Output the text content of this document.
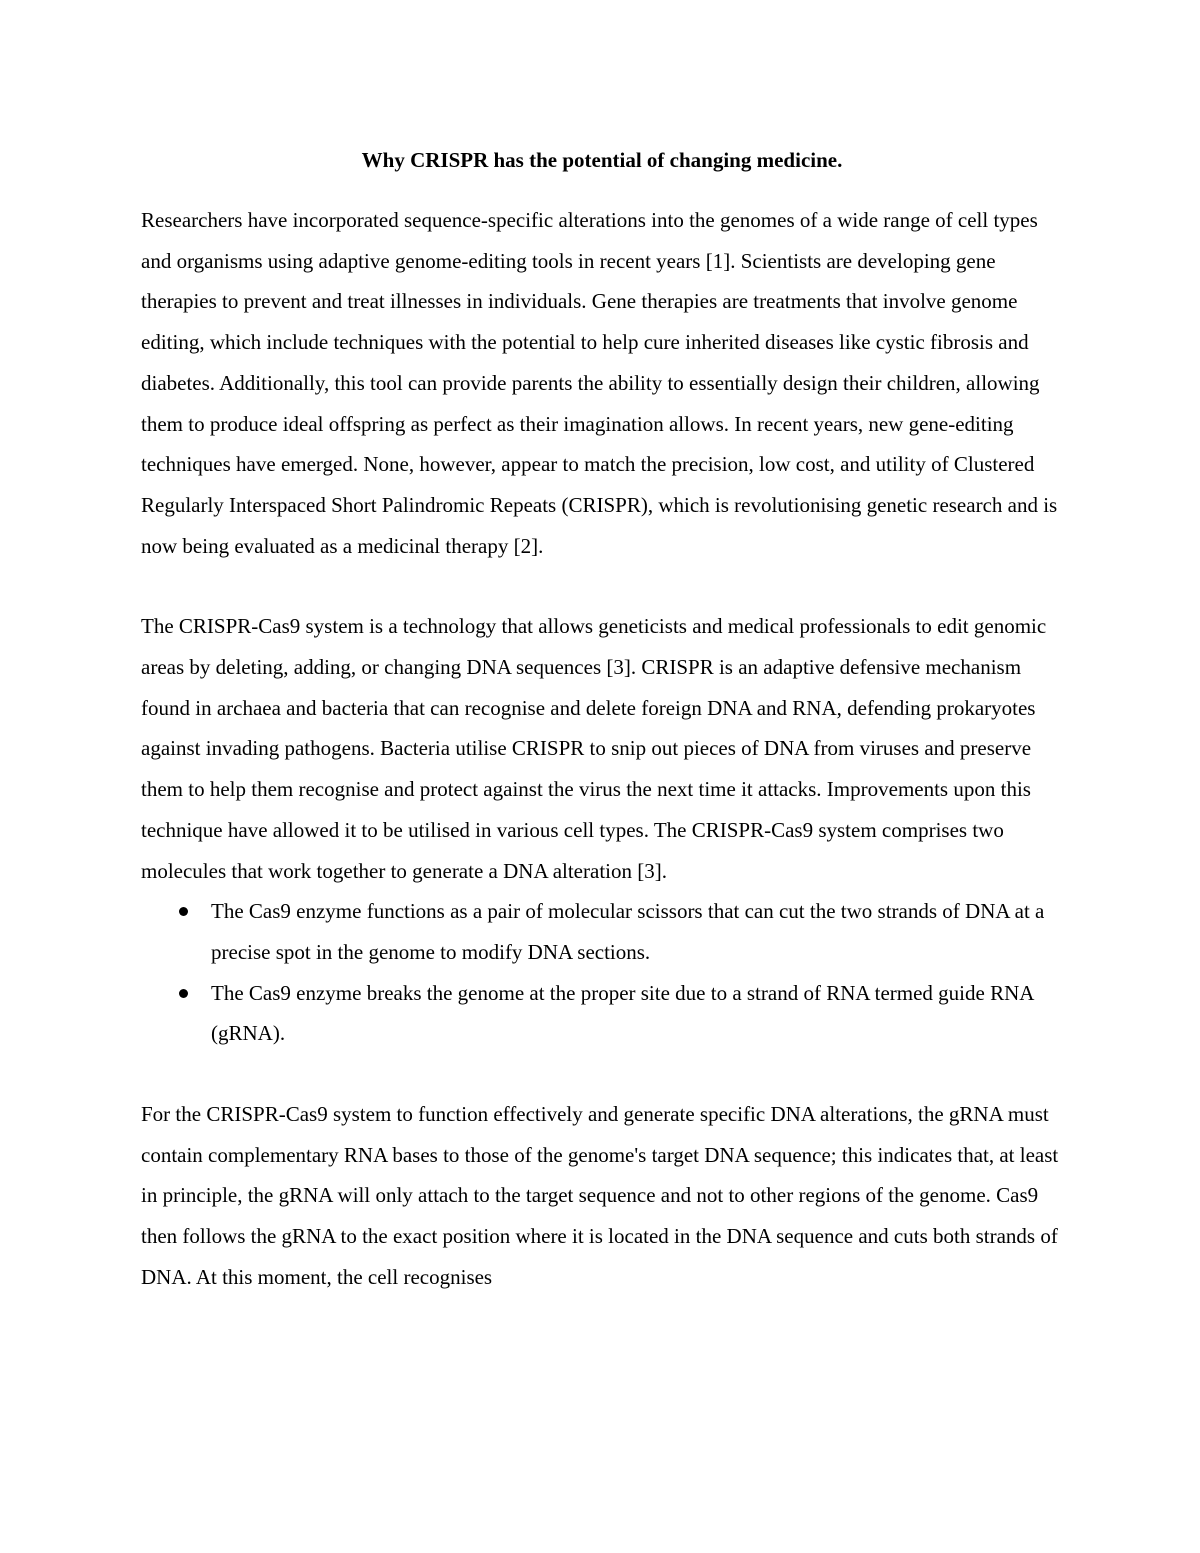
Why CRISPR has the potential of changing medicine.

Researchers have incorporated sequence-specific alterations into the genomes of a wide range of cell types and organisms using adaptive genome-editing tools in recent years [1]. Scientists are developing gene therapies to prevent and treat illnesses in individuals. Gene therapies are treatments that involve genome editing, which include techniques with the potential to help cure inherited diseases like cystic fibrosis and diabetes. Additionally, this tool can provide parents the ability to essentially design their children, allowing them to produce ideal offspring as perfect as their imagination allows. In recent years, new gene-editing techniques have emerged. None, however, appear to match the precision, low cost, and utility of Clustered Regularly Interspaced Short Palindromic Repeats (CRISPR), which is revolutionising genetic research and is now being evaluated as a medicinal therapy [2].

The CRISPR-Cas9 system is a technology that allows geneticists and medical professionals to edit genomic areas by deleting, adding, or changing DNA sequences [3]. CRISPR is an adaptive defensive mechanism found in archaea and bacteria that can recognise and delete foreign DNA and RNA, defending prokaryotes against invading pathogens. Bacteria utilise CRISPR to snip out pieces of DNA from viruses and preserve them to help them recognise and protect against the virus the next time it attacks. Improvements upon this technique have allowed it to be utilised in various cell types. The CRISPR-Cas9 system comprises two molecules that work together to generate a DNA alteration [3].

The Cas9 enzyme functions as a pair of molecular scissors that can cut the two strands of DNA at a precise spot in the genome to modify DNA sections.
The Cas9 enzyme breaks the genome at the proper site due to a strand of RNA termed guide RNA (gRNA).

For the CRISPR-Cas9 system to function effectively and generate specific DNA alterations, the gRNA must contain complementary RNA bases to those of the genome's target DNA sequence; this indicates that, at least in principle, the gRNA will only attach to the target sequence and not to other regions of the genome. Cas9 then follows the gRNA to the exact position where it is located in the DNA sequence and cuts both strands of DNA. At this moment, the cell recognises
